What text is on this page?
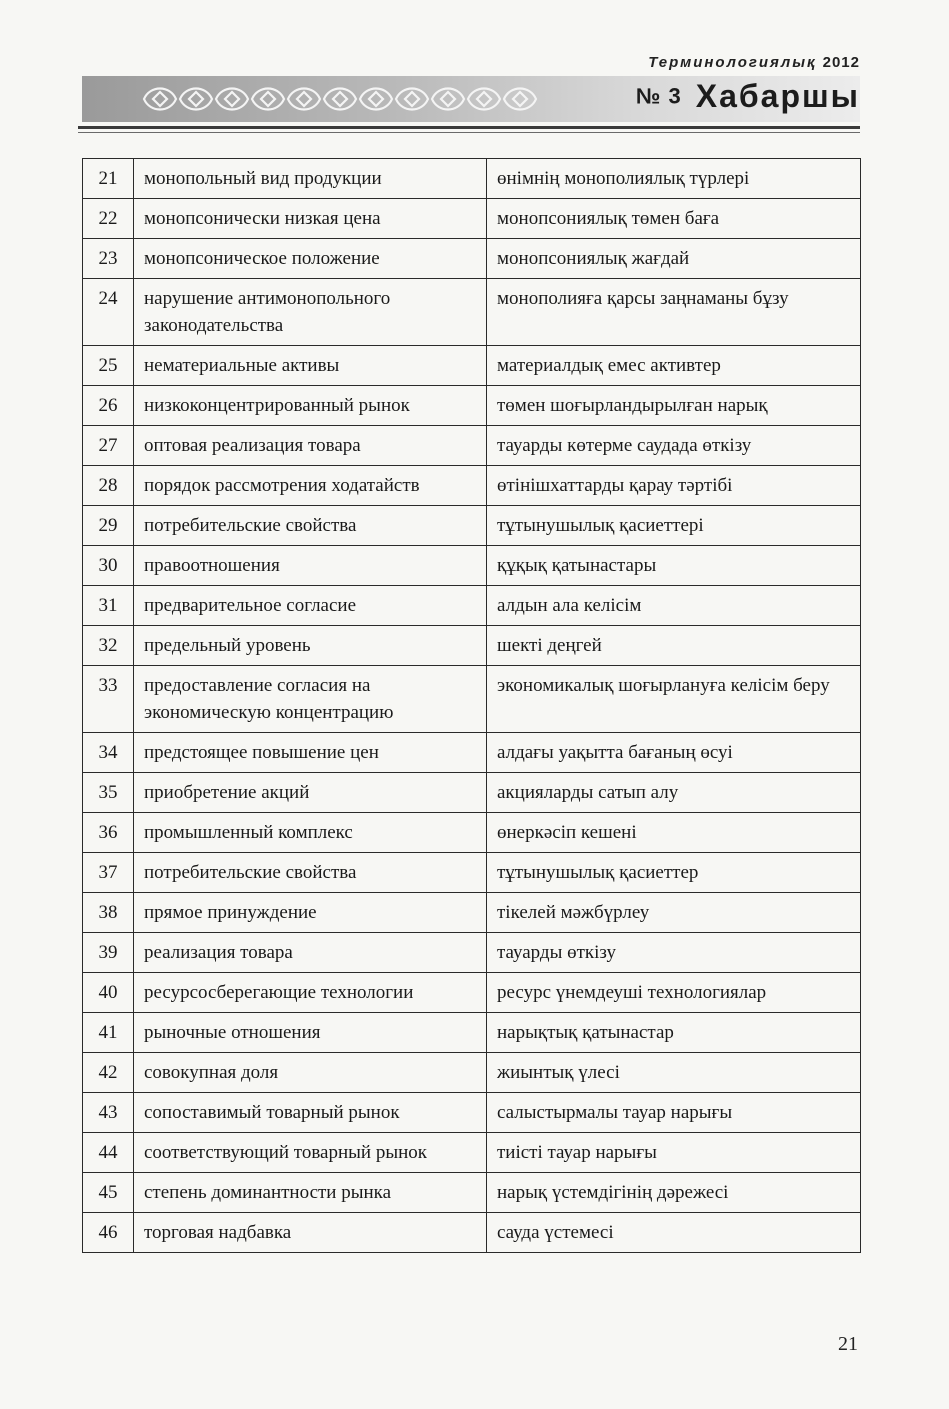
Терминологиялық 2012
№ 3 Хабаршы
21	монопольный вид продукции	өнімнің монополиялық түрлері
22	монопсонически низкая цена	монопсониялық төмен баға
23	монопсоническое положение	монопсониялық жағдай
24	нарушение антимонопольного законодательства	монополияға қарсы заңнаманы бұзу
25	нематериальные активы	материалдық емес активтер
26	низкоконцентрированный рынок	төмен шоғырландырылған нарық
27	оптовая реализация товара	тауарды көтерме саудада өткізу
28	порядок рассмотрения ходатайств	өтінішхаттарды қарау тәртібі
29	потребительские свойства	тұтынушылық қасиеттері
30	правоотношения	құқық қатынастары
31	предварительное согласие	алдын ала келісім
32	предельный уровень	шекті деңгей
33	предоставление согласия на экономическую концентрацию	экономикалық шоғырлануға келісім беру
34	предстоящее повышение цен	алдағы уақытта бағаның өсуі
35	приобретение акций	акцияларды сатып алу
36	промышленный комплекс	өнеркәсіп кешені
37	потребительские свойства	тұтынушылық қасиеттер
38	прямое принуждение	тікелей мәжбүрлеу
39	реализация товара	тауарды өткізу
40	ресурсосберегающие технологии	ресурс үнемдеуші технологиялар
41	рыночные отношения	нарықтық қатынастар
42	совокупная доля	жиынтық үлесі
43	сопоставимый товарный рынок	салыстырмалы тауар нарығы
44	соответствующий товарный рынок	тиісті тауар нарығы
45	степень доминантности рынка	нарық үстемдігінің дәрежесі
46	торговая надбавка	сауда үстемесі
21
